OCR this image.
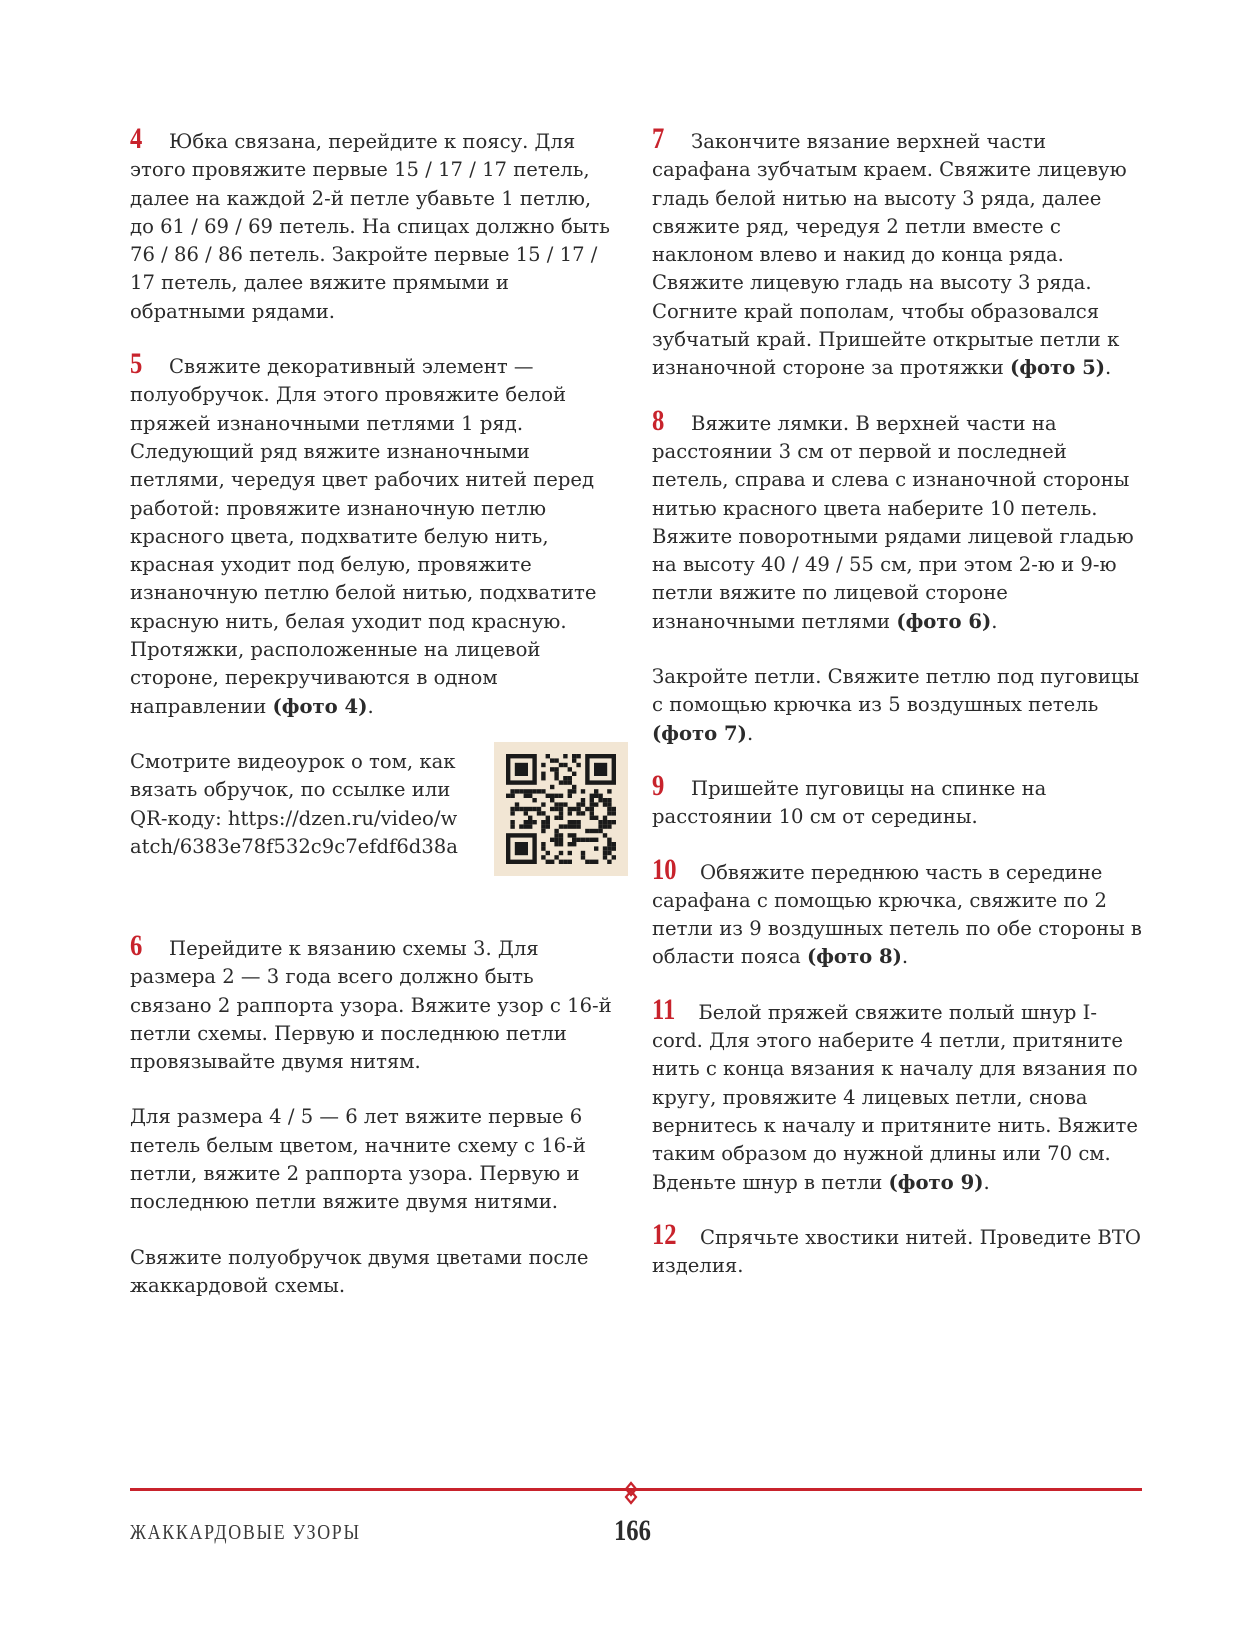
4 Юбка связана, перейдите к поясу. Для этого провяжите первые 15 / 17 / 17 петель, далее на каждой 2-й петле убавьте 1 петлю, до 61 / 69 / 69 петель. На спицах должно быть 76 / 86 / 86 петель. Закройте первые 15 / 17 / 17 петель, далее вяжите прямыми и обратными рядами.

5 Свяжите декоративный элемент — полуобручок. Для этого провяжите белой пряжей изнаночными петлями 1 ряд. Следующий ряд вяжите изнаночными петлями, чередуя цвет рабочих нитей перед работой: провяжите изнаночную петлю красного цвета, подхватите белую нить, красная уходит под белую, провяжите изнаночную петлю белой нитью, подхватите красную нить, белая уходит под красную. Протяжки, расположенные на лицевой стороне, перекручиваются в одном направлении (фото 4).

Смотрите видеоурок о том, как вязать обручок, по ссылке или QR-коду: https://dzen.ru/video/watch/6383e78f532c9c7efdf6d38a

6 Перейдите к вязанию схемы 3. Для размера 2 — 3 года всего должно быть связано 2 раппорта узора. Вяжите узор с 16-й петли схемы. Первую и последнюю петли провязывайте двумя нитям.

Для размера 4 / 5 — 6 лет вяжите первые 6 петель белым цветом, начните схему с 16-й петли, вяжите 2 раппорта узора. Первую и последнюю петли вяжите двумя нитями.

Свяжите полуобручок двумя цветами после жаккардовой схемы.

7 Закончите вязание верхней части сарафана зубчатым краем. Свяжите лицевую гладь белой нитью на высоту 3 ряда, далее свяжите ряд, чередуя 2 петли вместе с наклоном влево и накид до конца ряда. Свяжите лицевую гладь на высоту 3 ряда. Согните край пополам, чтобы образовался зубчатый край. Пришейте открытые петли к изнаночной стороне за протяжки (фото 5).

8 Вяжите лямки. В верхней части на расстоянии 3 см от первой и последней петель, справа и слева с изнаночной стороны нитью красного цвета наберите 10 петель. Вяжите поворотными рядами лицевой гладью на высоту 40 / 49 / 55 см, при этом 2-ю и 9-ю петли вяжите по лицевой стороне изнаночными петлями (фото 6).

Закройте петли. Свяжите петлю под пуговицы с помощью крючка из 5 воздушных петель (фото 7).

9 Пришейте пуговицы на спинке на расстоянии 10 см от середины.

10 Обвяжите переднюю часть в середине сарафана с помощью крючка, свяжите по 2 петли из 9 воздушных петель по обе стороны в области пояса (фото 8).

11 Белой пряжей свяжите полый шнур I-cord. Для этого наберите 4 петли, притяните нить с конца вязания к началу для вязания по кругу, провяжите 4 лицевых петли, снова вернитесь к началу и притяните нить. Вяжите таким образом до нужной длины или 70 см. Вденьте шнур в петли (фото 9).

12 Спрячьте хвостики нитей. Проведите ВТО изделия.

ЖАККАРДОВЫЕ УЗОРЫ	166
